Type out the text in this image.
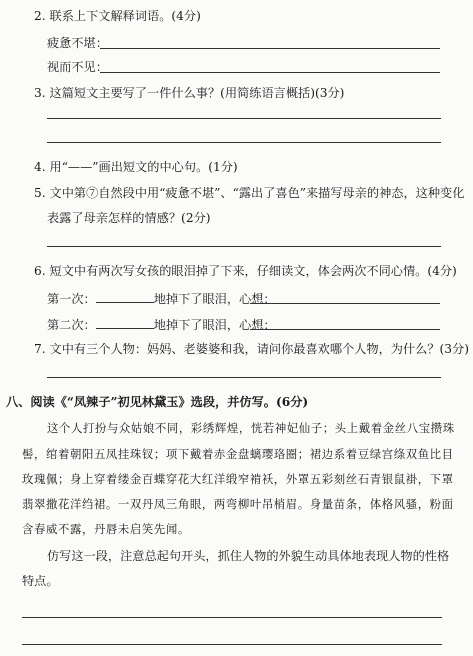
2. 联系上下文解释词语。(4分)
疲惫不堪：
视而不见：
3. 这篇短文主要写了一件什么事？(用简练语言概括)(3分)
4. 用“——”画出短文的中心句。(1分)
5. 文中第⑦自然段中用“疲惫不堪”、“露出了喜色”来描写母亲的神态，这种变化
表露了母亲怎样的情感？(2分)
6. 短文中有两次写女孩的眼泪掉了下来，仔细读文，体会两次不同心情。(4分)
第一次：	地掉下了眼泪，心想：
第二次：	地掉下了眼泪，心想：
7. 文中有三个人物：妈妈、老婆婆和我，请问你最喜欢哪个人物，为什么？(3分)
八、阅读《“凤辣子”初见林黛玉》选段，并仿写。(6分)
这个人打扮与众姑娘不同，彩绣辉煌，恍若神妃仙子；头上戴着金丝八宝攒珠
髻，绾着朝阳五凤挂珠钗；项下戴着赤金盘螭璎珞圈；裙边系着豆绿宫绦双鱼比目
玫瑰佩；身上穿着缕金百蝶穿花大红洋缎窄褃袄，外罩五彩刻丝石青银鼠褂，下罩
翡翠撒花洋绉裙。一双丹凤三角眼，两弯柳叶吊梢眉。身量苗条，体格风骚，粉面
含春威不露，丹唇未启笑先闻。
仿写这一段，注意总起句开头，抓住人物的外貌生动具体地表现人物的性格
特点。
